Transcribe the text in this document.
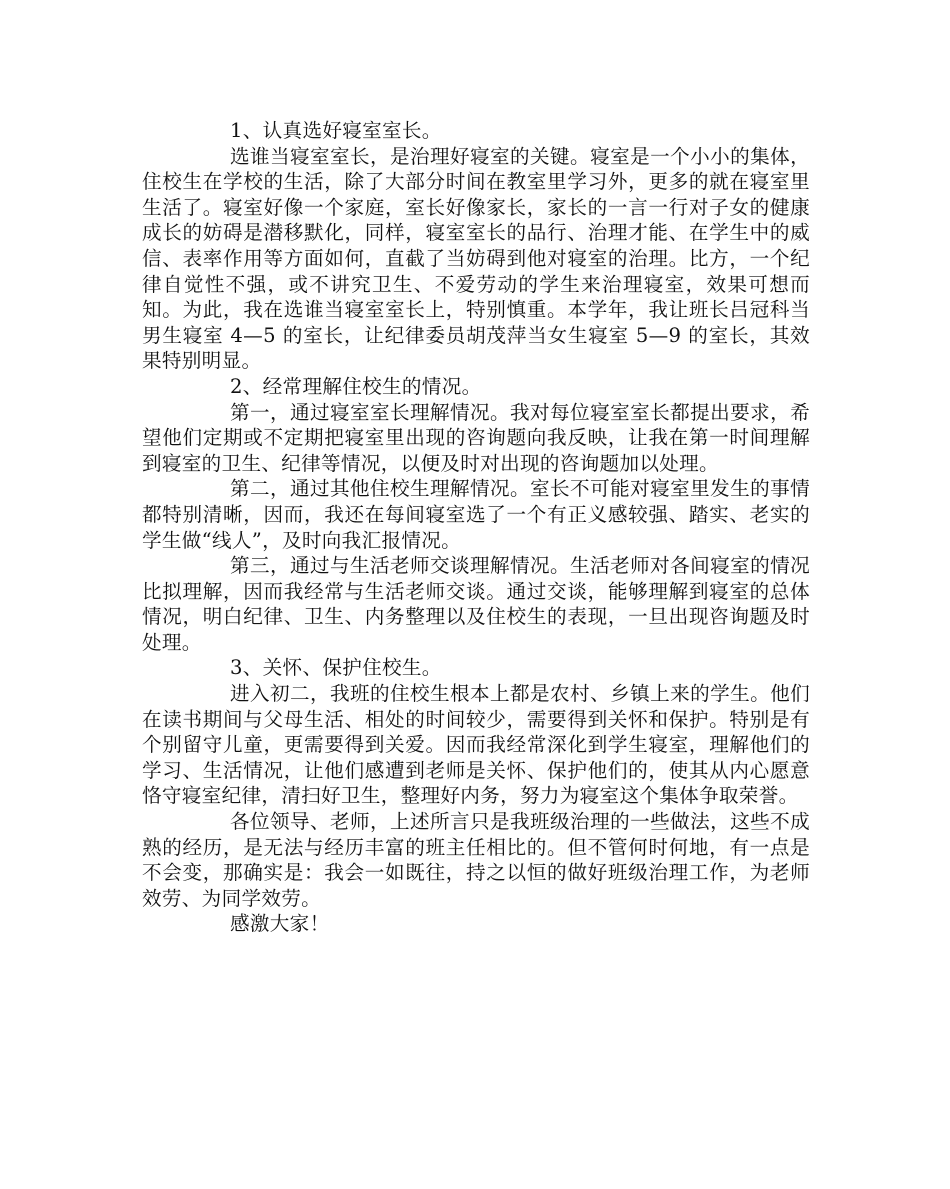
1、认真选好寝室室长。

选谁当寝室室长，是治理好寝室的关键。寝室是一个小小的集体，住校生在学校的生活，除了大部分时间在教室里学习外，更多的就在寝室里生活了。寝室好像一个家庭，室长好像家长，家长的一言一行对子女的健康成长的妨碍是潜移默化，同样，寝室室长的品行、治理才能、在学生中的威信、表率作用等方面如何，直截了当妨碍到他对寝室的治理。比方，一个纪律自觉性不强，或不讲究卫生、不爱劳动的学生来治理寝室，效果可想而知。为此，我在选谁当寝室室长上，特别慎重。本学年，我让班长吕冠科当男生寝室 4—5 的室长，让纪律委员胡茂萍当女生寝室 5—9 的室长，其效果特别明显。

2、经常理解住校生的情况。

第一，通过寝室室长理解情况。我对每位寝室室长都提出要求，希望他们定期或不定期把寝室里出现的咨询题向我反映，让我在第一时间理解到寝室的卫生、纪律等情况，以便及时对出现的咨询题加以处理。

第二，通过其他住校生理解情况。室长不可能对寝室里发生的事情都特别清晰，因而，我还在每间寝室选了一个有正义感较强、踏实、老实的学生做“线人”，及时向我汇报情况。

第三，通过与生活老师交谈理解情况。生活老师对各间寝室的情况比拟理解，因而我经常与生活老师交谈。通过交谈，能够理解到寝室的总体情况，明白纪律、卫生、内务整理以及住校生的表现，一旦出现咨询题及时处理。

3、关怀、保护住校生。

进入初二，我班的住校生根本上都是农村、乡镇上来的学生。他们在读书期间与父母生活、相处的时间较少，需要得到关怀和保护。特别是有个别留守儿童，更需要得到关爱。因而我经常深化到学生寝室，理解他们的学习、生活情况，让他们感遭到老师是关怀、保护他们的，使其从内心愿意恪守寝室纪律，清扫好卫生，整理好内务，努力为寝室这个集体争取荣誉。

各位领导、老师，上述所言只是我班级治理的一些做法，这些不成熟的经历，是无法与经历丰富的班主任相比的。但不管何时何地，有一点是不会变，那确实是：我会一如既往，持之以恒的做好班级治理工作，为老师效劳、为同学效劳。

感激大家！
